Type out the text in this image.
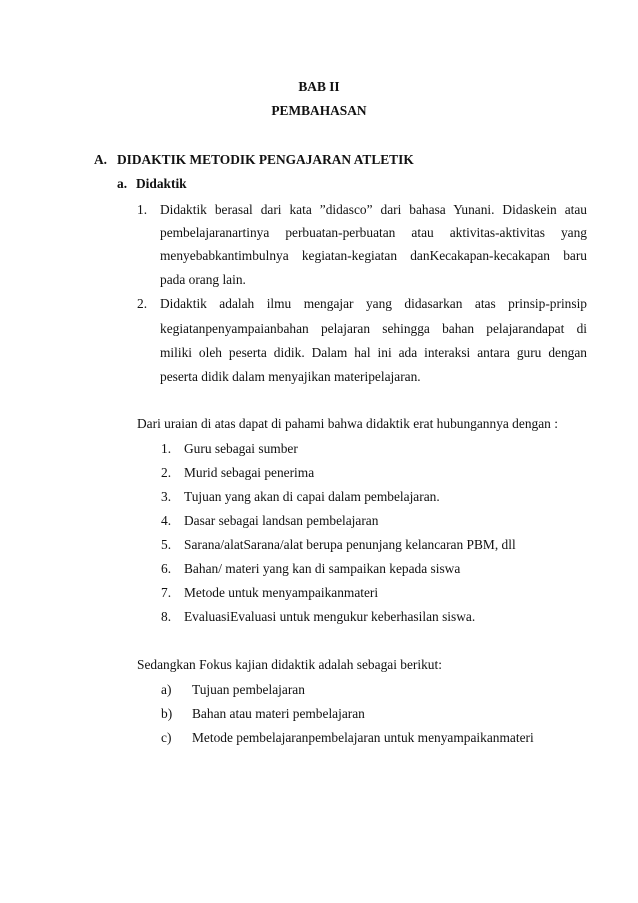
BAB II
PEMBAHASAN
A. DIDAKTIK METODIK PENGAJARAN ATLETIK
a. Didaktik
1. Didaktik berasal dari kata ”didasco” dari bahasa Yunani. Didaskein atau
pembelajaranartinya perbuatan-perbuatan atau aktivitas-aktivitas yang
menyebabkantimbulnya kegiatan-kegiatan danKecakapan-kecakapan baru
pada orang lain.
2. Didaktik adalah ilmu mengajar yang didasarkan atas prinsip-prinsip
kegiatanpenyampaianbahan pelajaran sehingga bahan pelajarandapat di
miliki oleh peserta didik. Dalam hal ini ada interaksi antara guru dengan
peserta didik dalam menyajikan materipelajaran.
Dari uraian di atas dapat di pahami bahwa didaktik erat hubungannya dengan :
1. Guru sebagai sumber
2. Murid sebagai penerima
3. Tujuan yang akan di capai dalam pembelajaran.
4. Dasar sebagai landsan pembelajaran
5. Sarana/alatSarana/alat berupa penunjang kelancaran PBM, dll
6. Bahan/ materi yang kan di sampaikan kepada siswa
7. Metode untuk menyampaikanmateri
8. EvaluasiEvaluasi untuk mengukur keberhasilan siswa.
Sedangkan Fokus kajian didaktik adalah sebagai berikut:
a) Tujuan pembelajaran
b) Bahan atau materi pembelajaran
c) Metode pembelajaranpembelajaran untuk menyampaikanmateri
